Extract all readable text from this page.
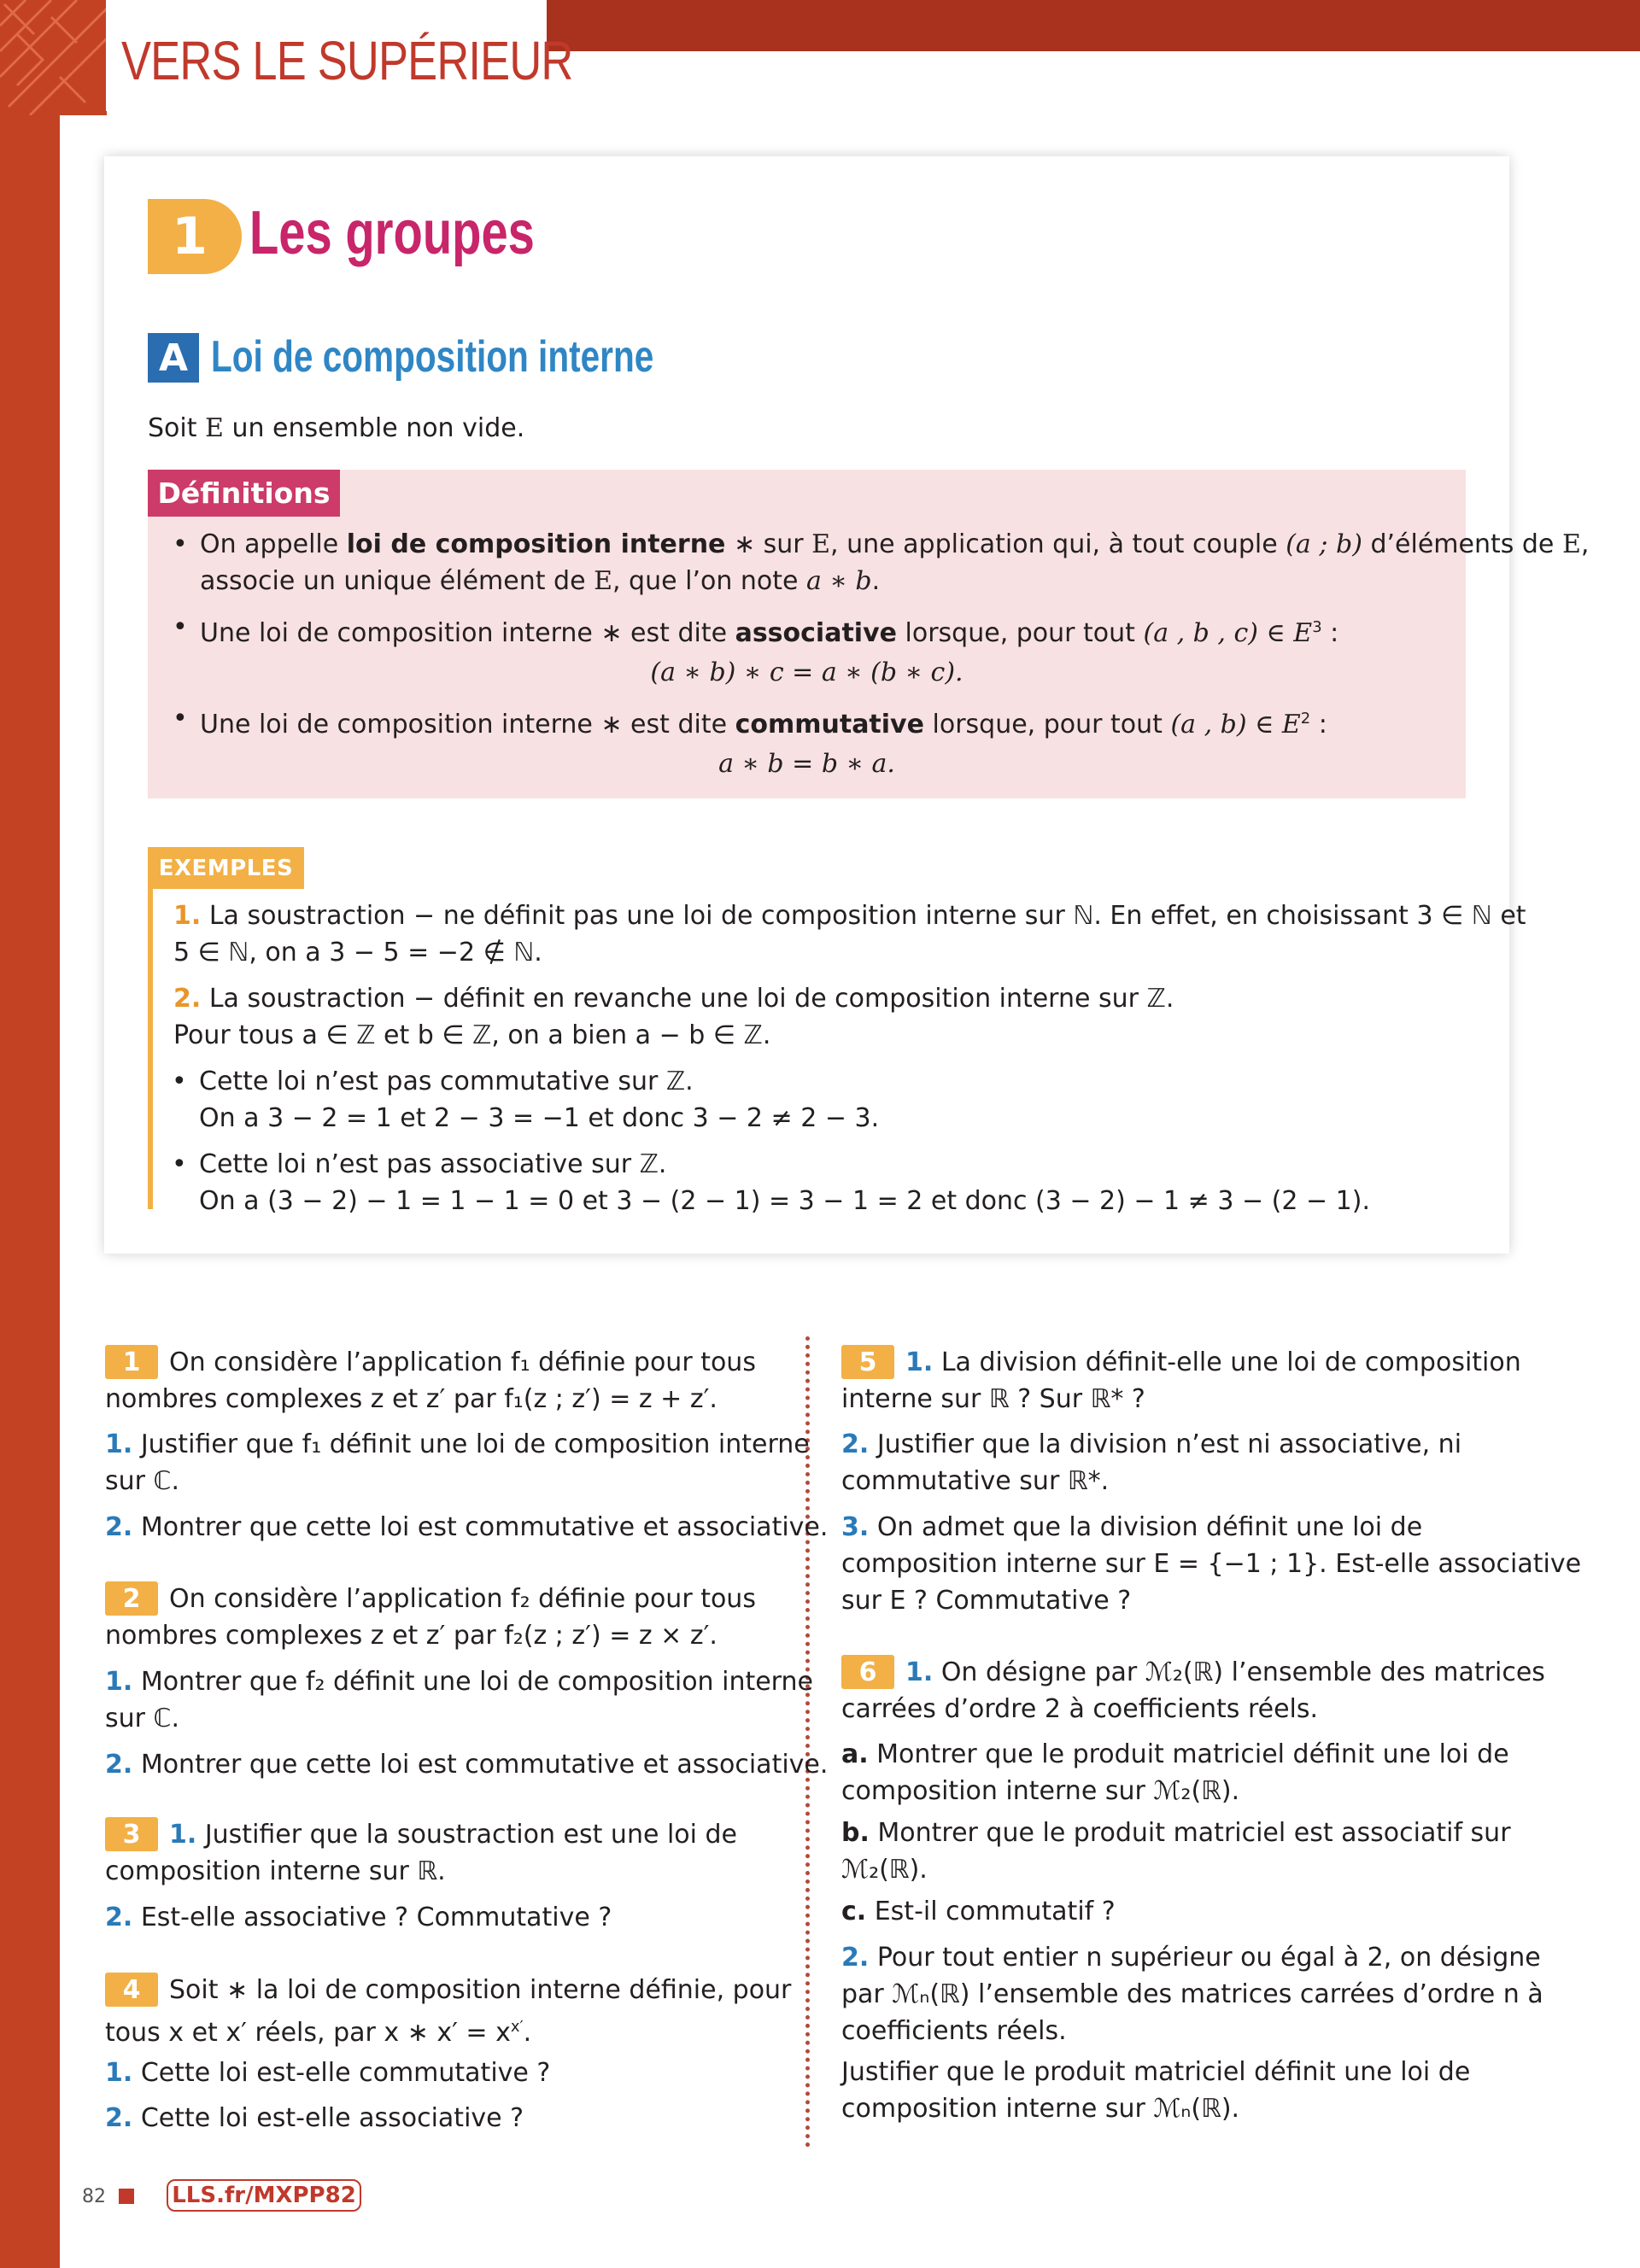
VERS LE SUPÉRIEUR
1 Les groupes
A Loi de composition interne
Soit E un ensemble non vide.
Définitions
• On appelle loi de composition interne ∗ sur E, une application qui, à tout couple (a ; b) d’éléments de E,
associe un unique élément de E, que l’on note a ∗ b.
• Une loi de composition interne ∗ est dite associative lorsque, pour tout (a , b , c) ∈ $E^3$ :
(a ∗ b) ∗ c = a ∗ (b ∗ c).
• Une loi de composition interne ∗ est dite commutative lorsque, pour tout (a , b) ∈ $E^2$ :
a ∗ b = b ∗ a.
EXEMPLES
1. La soustraction − ne définit pas une loi de composition interne sur ℕ. En effet, en choisissant 3 ∈ ℕ et
5 ∈ ℕ, on a 3 − 5 = −2 ∉ ℕ.
2. La soustraction − définit en revanche une loi de composition interne sur ℤ.
Pour tous a ∈ ℤ et b ∈ ℤ, on a bien a − b ∈ ℤ.
• Cette loi n’est pas commutative sur ℤ.
On a 3 − 2 = 1 et 2 − 3 = −1 et donc 3 − 2 ≠ 2 − 3.
• Cette loi n’est pas associative sur ℤ.
On a (3 − 2) − 1 = 1 − 1 = 0 et 3 − (2 − 1) = 3 − 1 = 2 et donc (3 − 2) − 1 ≠ 3 − (2 − 1).
1	On considère l’application f₁ définie pour tous
nombres complexes z et z′ par f₁(z ; z′) = z + z′.
1. Justifier que f₁ définit une loi de composition interne
sur ℂ.
2. Montrer que cette loi est commutative et associative.
2	On considère l’application f₂ définie pour tous
nombres complexes z et z′ par f₂(z ; z′) = z × z′.
1. Montrer que f₂ définit une loi de composition interne
sur ℂ.
2. Montrer que cette loi est commutative et associative.
3	1. Justifier que la soustraction est une loi de
composition interne sur ℝ.
2. Est-elle associative ? Commutative ?
4	Soit ∗ la loi de composition interne définie, pour
tous x et x′ réels, par x ∗ $x' = x^{x'}$.
1. Cette loi est-elle commutative ?
2. Cette loi est-elle associative ?
5	1. La division définit-elle une loi de composition
interne sur ℝ ? Sur ℝ* ?
2. Justifier que la division n’est ni associative, ni
commutative sur ℝ*.
3. On admet que la division définit une loi de
composition interne sur E = {−1 ; 1}. Est-elle associative
sur E ? Commutative ?
6	1. On désigne par ℳ₂(ℝ) l’ensemble des matrices
carrées d’ordre 2 à coefficients réels.
a. Montrer que le produit matriciel définit une loi de
composition interne sur ℳ₂(ℝ).
b. Montrer que le produit matriciel est associatif sur
ℳ₂(ℝ).
c. Est-il commutatif ?
2. Pour tout entier n supérieur ou égal à 2, on désigne
par ℳₙ(ℝ) l’ensemble des matrices carrées d’ordre n à
coefficients réels.
Justifier que le produit matriciel définit une loi de
composition interne sur ℳₙ(ℝ).
82	LLS.fr/MXPP82
